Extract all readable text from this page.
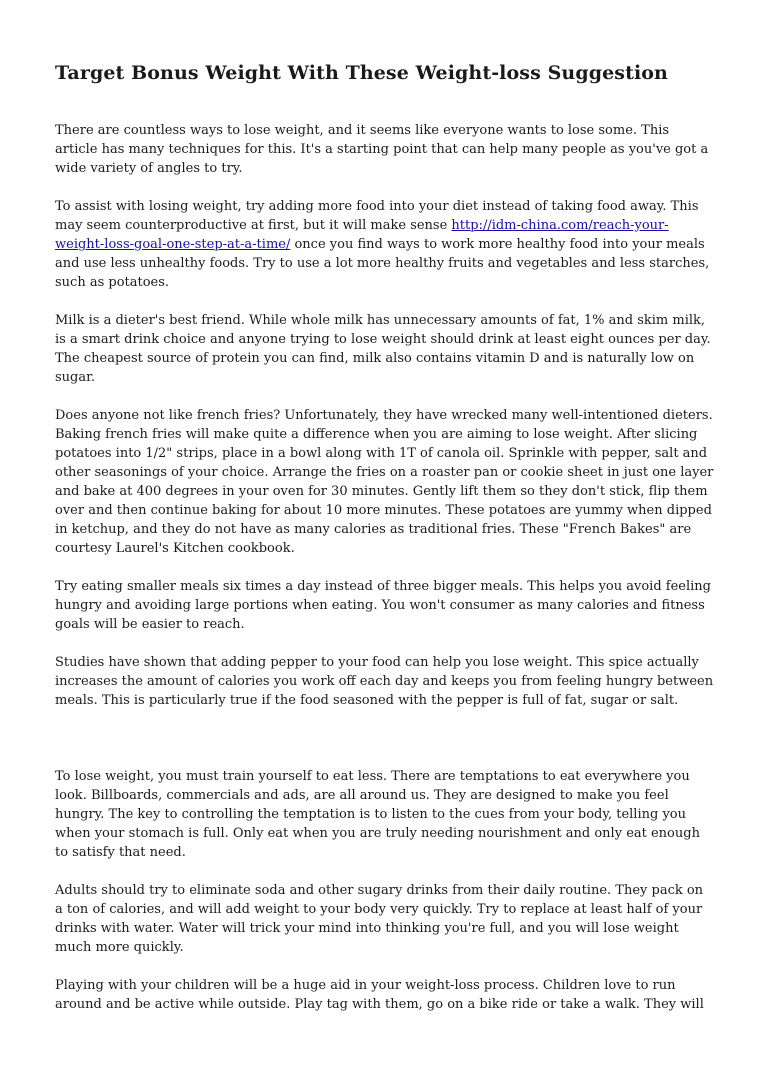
Target Bonus Weight With These Weight-loss Suggestion

There are countless ways to lose weight, and it seems like everyone wants to lose some. This article has many techniques for this. It's a starting point that can help many people as you've got a wide variety of angles to try.

To assist with losing weight, try adding more food into your diet instead of taking food away. This may seem counterproductive at first, but it will make sense http://idm-china.com/reach-your-weight-loss-goal-one-step-at-a-time/ once you find ways to work more healthy food into your meals and use less unhealthy foods. Try to use a lot more healthy fruits and vegetables and less starches, such as potatoes.

Milk is a dieter's best friend. While whole milk has unnecessary amounts of fat, 1% and skim milk, is a smart drink choice and anyone trying to lose weight should drink at least eight ounces per day. The cheapest source of protein you can find, milk also contains vitamin D and is naturally low on sugar.

Does anyone not like french fries? Unfortunately, they have wrecked many well-intentioned dieters. Baking french fries will make quite a difference when you are aiming to lose weight. After slicing potatoes into 1/2" strips, place in a bowl along with 1T of canola oil. Sprinkle with pepper, salt and other seasonings of your choice. Arrange the fries on a roaster pan or cookie sheet in just one layer and bake at 400 degrees in your oven for 30 minutes. Gently lift them so they don't stick, flip them over and then continue baking for about 10 more minutes. These potatoes are yummy when dipped in ketchup, and they do not have as many calories as traditional fries. These "French Bakes" are courtesy Laurel's Kitchen cookbook.

Try eating smaller meals six times a day instead of three bigger meals. This helps you avoid feeling hungry and avoiding large portions when eating. You won't consumer as many calories and fitness goals will be easier to reach.

Studies have shown that adding pepper to your food can help you lose weight. This spice actually increases the amount of calories you work off each day and keeps you from feeling hungry between meals. This is particularly true if the food seasoned with the pepper is full of fat, sugar or salt.

To lose weight, you must train yourself to eat less. There are temptations to eat everywhere you look. Billboards, commercials and ads, are all around us. They are designed to make you feel hungry. The key to controlling the temptation is to listen to the cues from your body, telling you when your stomach is full. Only eat when you are truly needing nourishment and only eat enough to satisfy that need.

Adults should try to eliminate soda and other sugary drinks from their daily routine. They pack on a ton of calories, and will add weight to your body very quickly. Try to replace at least half of your drinks with water. Water will trick your mind into thinking you're full, and you will lose weight much more quickly.

Playing with your children will be a huge aid in your weight-loss process. Children love to run around and be active while outside. Play tag with them, go on a bike ride or take a walk. They will
